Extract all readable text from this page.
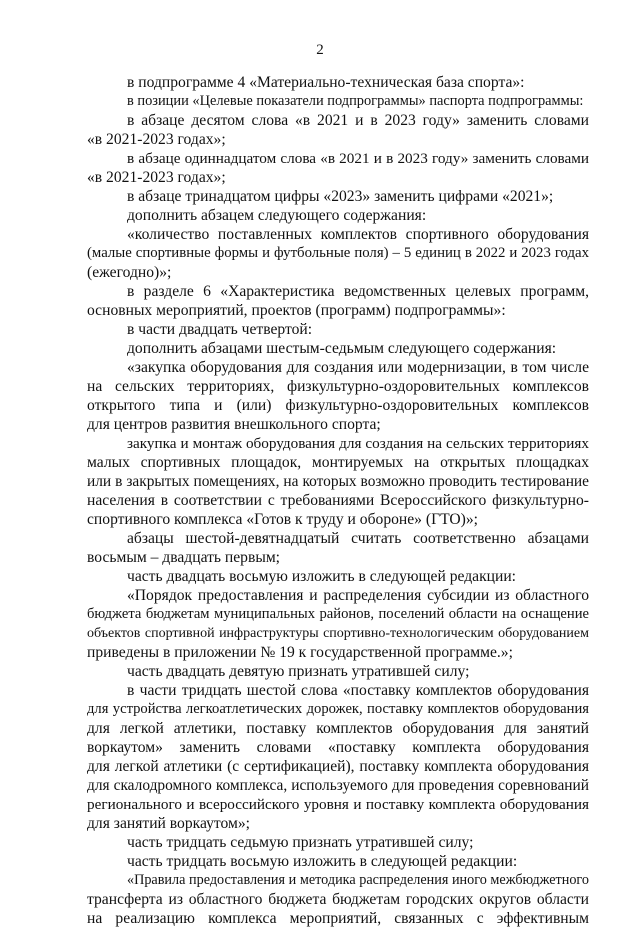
2
в подпрограмме 4 «Материально-техническая база спорта»:
в позиции «Целевые показатели подпрограммы» паспорта подпрограммы:
в абзаце десятом слова «в 2021 и в 2023 году» заменить словами
«в 2021-2023 годах»;
в абзаце одиннадцатом слова «в 2021 и в 2023 году» заменить словами
«в 2021-2023 годах»;
в абзаце тринадцатом цифры «2023» заменить цифрами «2021»;
дополнить абзацем следующего содержания:
«количество поставленных комплектов спортивного оборудования
(малые спортивные формы и футбольные поля) – 5 единиц в 2022 и 2023 годах
(ежегодно)»;
в разделе 6 «Характеристика ведомственных целевых программ,
основных мероприятий, проектов (программ) подпрограммы»:
в части двадцать четвертой:
дополнить абзацами шестым-седьмым следующего содержания:
«закупка оборудования для создания или модернизации, в том числе
на сельских территориях, физкультурно-оздоровительных комплексов
открытого типа и (или) физкультурно-оздоровительных комплексов
для центров развития внешкольного спорта;
закупка и монтаж оборудования для создания на сельских территориях
малых спортивных площадок, монтируемых на открытых площадках
или в закрытых помещениях, на которых возможно проводить тестирование
населения в соответствии с требованиями Всероссийского физкультурно-
спортивного комплекса «Готов к труду и обороне» (ГТО)»;
абзацы шестой-девятнадцатый считать соответственно абзацами
восьмым – двадцать первым;
часть двадцать восьмую изложить в следующей редакции:
«Порядок предоставления и распределения субсидии из областного
бюджета бюджетам муниципальных районов, поселений области на оснащение
объектов спортивной инфраструктуры спортивно-технологическим оборудованием
приведены в приложении № 19 к государственной программе.»;
часть двадцать девятую признать утратившей силу;
в части тридцать шестой слова «поставку комплектов оборудования
для устройства легкоатлетических дорожек, поставку комплектов оборудования
для легкой атлетики, поставку комплектов оборудования для занятий
воркаутом» заменить словами «поставку комплекта оборудования
для легкой атлетики (с сертификацией), поставку комплекта оборудования
для скалодромного комплекса, используемого для проведения соревнований
регионального и всероссийского уровня и поставку комплекта оборудования
для занятий воркаутом»;
часть тридцать седьмую признать утратившей силу;
часть тридцать восьмую изложить в следующей редакции:
«Правила предоставления и методика распределения иного межбюджетного
трансферта из областного бюджета бюджетам городских округов области
на реализацию комплекса мероприятий, связанных с эффективным
